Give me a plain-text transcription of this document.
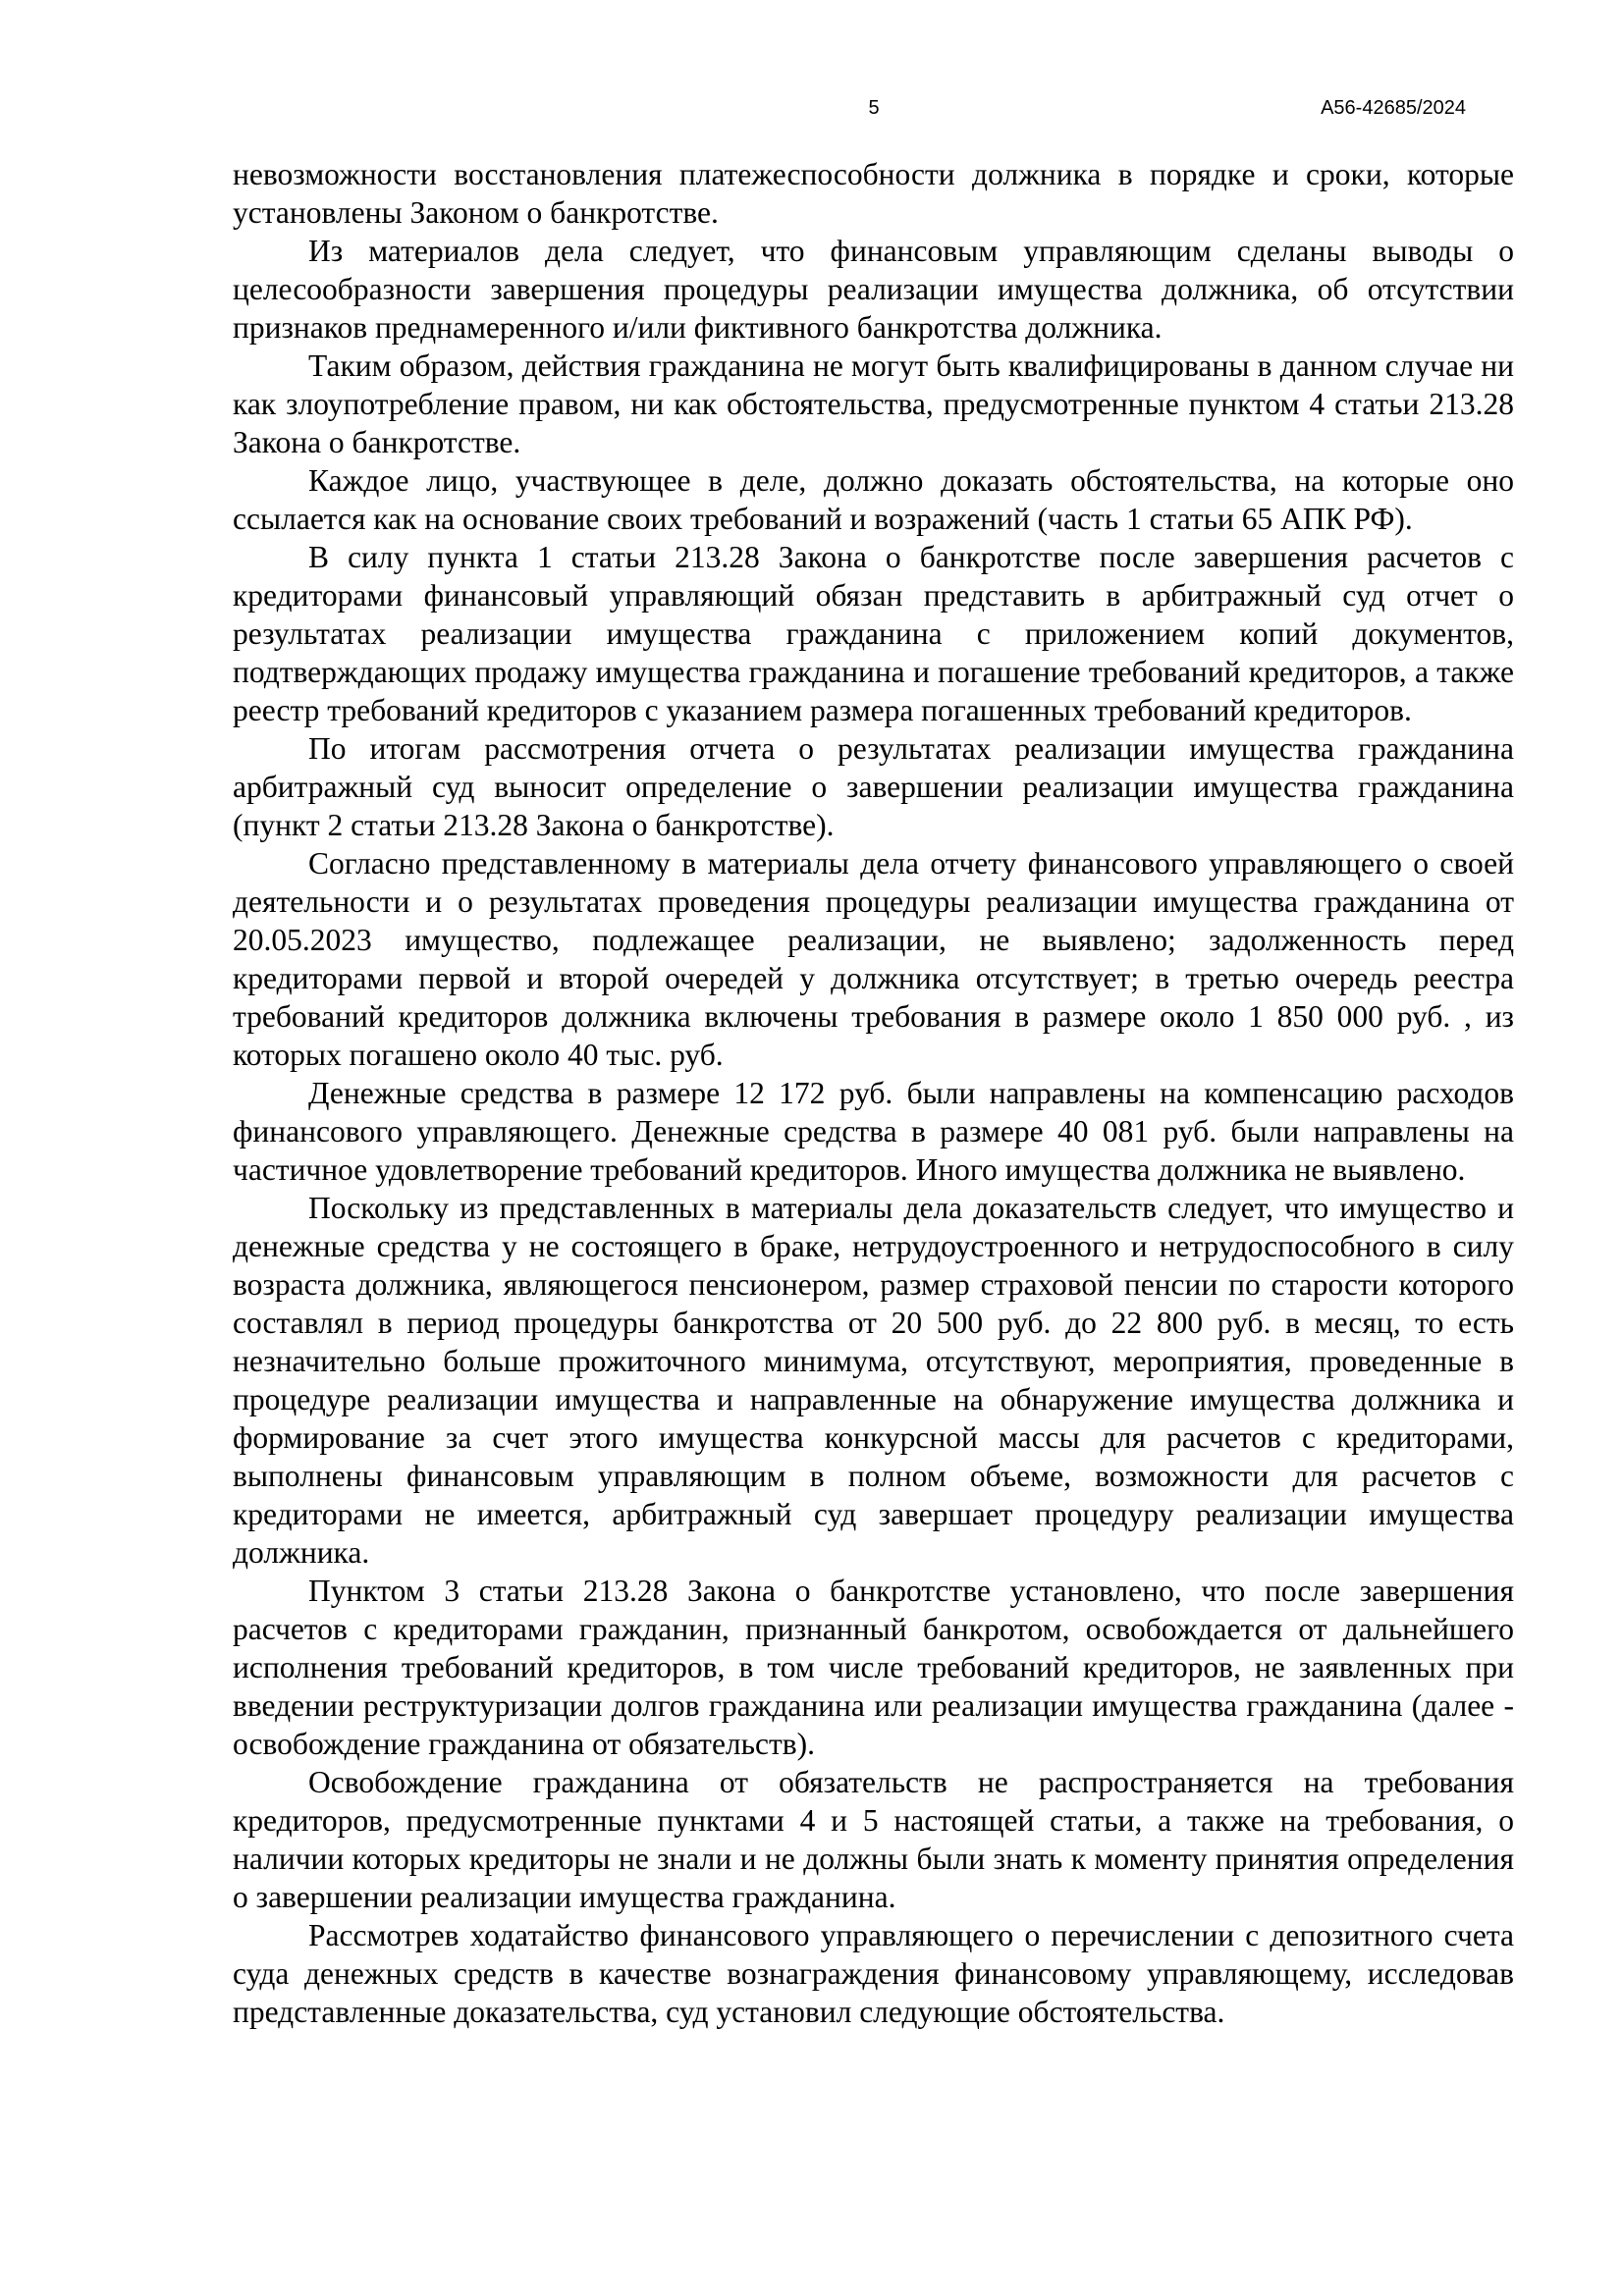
5	А56-42685/2024

невозможности восстановления платежеспособности должника в порядке и сроки, которые установлены Законом о банкротстве.

Из материалов дела следует, что финансовым управляющим сделаны выводы о целесообразности завершения процедуры реализации имущества должника, об отсутствии признаков преднамеренного и/или фиктивного банкротства должника.

Таким образом, действия гражданина не могут быть квалифицированы в данном случае ни как злоупотребление правом, ни как обстоятельства, предусмотренные пунктом 4 статьи 213.28 Закона о банкротстве.

Каждое лицо, участвующее в деле, должно доказать обстоятельства, на которые оно ссылается как на основание своих требований и возражений (часть 1 статьи 65 АПК РФ).

В силу пункта 1 статьи 213.28 Закона о банкротстве после завершения расчетов с кредиторами финансовый управляющий обязан представить в арбитражный суд отчет о результатах реализации имущества гражданина с приложением копий документов, подтверждающих продажу имущества гражданина и погашение требований кредиторов, а также реестр требований кредиторов с указанием размера погашенных требований кредиторов.

По итогам рассмотрения отчета о результатах реализации имущества гражданина арбитражный суд выносит определение о завершении реализации имущества гражданина (пункт 2 статьи 213.28 Закона о банкротстве).

Согласно представленному в материалы дела отчету финансового управляющего о своей деятельности и о результатах проведения процедуры реализации имущества гражданина от 20.05.2023 имущество, подлежащее реализации, не выявлено; задолженность перед кредиторами первой и второй очередей у должника отсутствует; в третью очередь реестра требований кредиторов должника включены требования в размере около 1 850 000 руб. , из которых погашено около 40 тыс. руб.

Денежные средства в размере 12 172 руб. были направлены на компенсацию расходов финансового управляющего. Денежные средства в размере 40 081 руб. были направлены на частичное удовлетворение требований кредиторов. Иного имущества должника не выявлено.

Поскольку из представленных в материалы дела доказательств следует, что имущество и денежные средства у не состоящего в браке, нетрудоустроенного и нетрудоспособного в силу возраста должника, являющегося пенсионером, размер страховой пенсии по старости которого составлял в период процедуры банкротства от 20 500 руб. до 22 800 руб. в месяц, то есть незначительно больше прожиточного минимума, отсутствуют, мероприятия, проведенные в процедуре реализации имущества и направленные на обнаружение имущества должника и формирование за счет этого имущества конкурсной массы для расчетов с кредиторами, выполнены финансовым управляющим в полном объеме, возможности для расчетов с кредиторами не имеется, арбитражный суд завершает процедуру реализации имущества должника.

Пунктом 3 статьи 213.28 Закона о банкротстве установлено, что после завершения расчетов с кредиторами гражданин, признанный банкротом, освобождается от дальнейшего исполнения требований кредиторов, в том числе требований кредиторов, не заявленных при введении реструктуризации долгов гражданина или реализации имущества гражданина (далее - освобождение гражданина от обязательств).

Освобождение гражданина от обязательств не распространяется на требования кредиторов, предусмотренные пунктами 4 и 5 настоящей статьи, а также на требования, о наличии которых кредиторы не знали и не должны были знать к моменту принятия определения о завершении реализации имущества гражданина.

Рассмотрев ходатайство финансового управляющего о перечислении с депозитного счета суда денежных средств в качестве вознаграждения финансовому управляющему, исследовав представленные доказательства, суд установил следующие обстоятельства.
